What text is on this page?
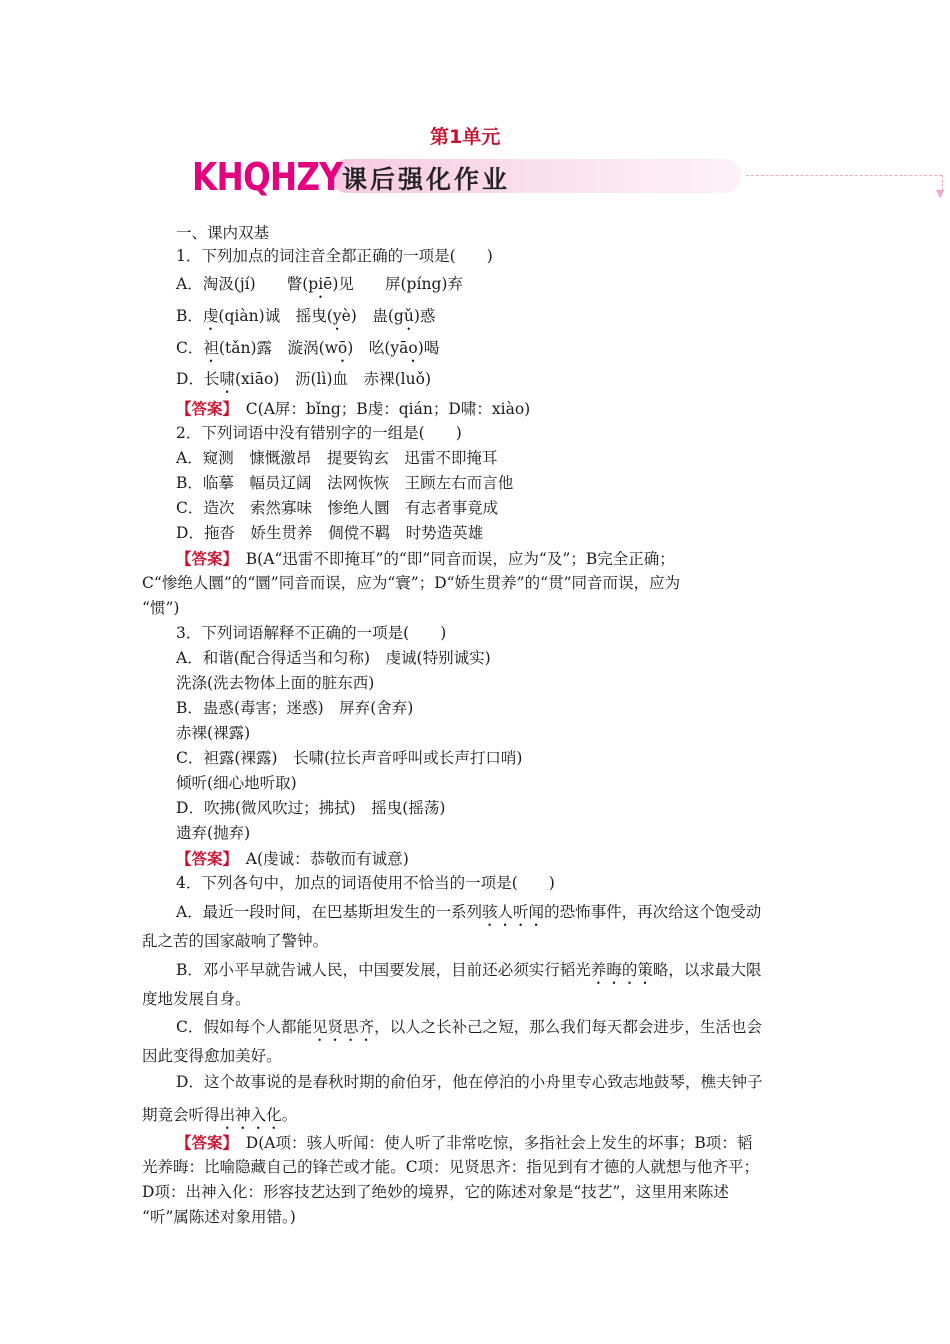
第1单元
KHQHZY 课后强化作业	▼
一、课内双基
1．下列加点的词注音全都正确的一项是(　　 )
A．淘汲(jí)　　 瞥(piē)见　　 屏(píng)弃
B．虔(qiàn)诚　 摇曳(yè)　 蛊(gǔ)惑
C．袒(tǎn)露　 漩涡(wō)　 吆(yāo)喝
D．长啸(xiāo)　 沥(lì)血　 赤裸(luǒ)
【答案】　 C(A屏：bǐng；B虔：qián；D啸：xiào)
2．下列词语中没有错别字的一组是(　　 )
A．窥测　 慷慨激昂　 提要钩玄　 迅雷不即掩耳
B．临摹　 幅员辽阔　 法网恢恢　 王顾左右而言他
C．造次　 索然寡味　 惨绝人圜　 有志者事竟成
D．拖沓　 娇生贯养　 倜傥不羁　 时势造英雄
【答案】　 B(A“迅雷不即掩耳”的“即”同音而误，应为“及”；B完全正确；
C“惨绝人圜”的“圜”同音而误，应为“寰”；D“娇生贯养”的“贯”同音而误，应为
“惯”)
3．下列词语解释不正确的一项是(　　 )
A．和谐(配合得适当和匀称)　 虔诚(特别诚实)
洗涤(洗去物体上面的脏东西)
B．蛊惑(毒害；迷惑)　 屏弃(舍弃)
赤裸(裸露)
C．袒露(裸露)　 长啸(拉长声音呼叫或长声打口哨)
倾听(细心地听取)
D．吹拂(微风吹过；拂拭)　 摇曳(摇荡)
遗弃(抛弃)
【答案】　 A(虔诚：恭敬而有诚意)
4．下列各句中，加点的词语使用不恰当的一项是(　　 )
A．最近一段时间，在巴基斯坦发生的一系列骇人听闻的恐怖事件，再次给这个饱受动
乱之苦的国家敲响了警钟。
B．邓小平早就告诫人民，中国要发展，目前还必须实行韬光养晦的策略，以求最大限
度地发展自身。
C．假如每个人都能见贤思齐，以人之长补己之短，那么我们每天都会进步，生活也会
因此变得愈加美好。
D．这个故事说的是春秋时期的俞伯牙，他在停泊的小舟里专心致志地鼓琴，樵夫钟子
期竟会听得出神入化。
【答案】　 D(A项：骇人听闻：使人听了非常吃惊，多指社会上发生的坏事；B项：韬
光养晦：比喻隐藏自己的锋芒或才能。C项：见贤思齐：指见到有才德的人就想与他齐平；
D项：出神入化：形容技艺达到了绝妙的境界，它的陈述对象是“技艺”，这里用来陈述
“听”属陈述对象用错。)
